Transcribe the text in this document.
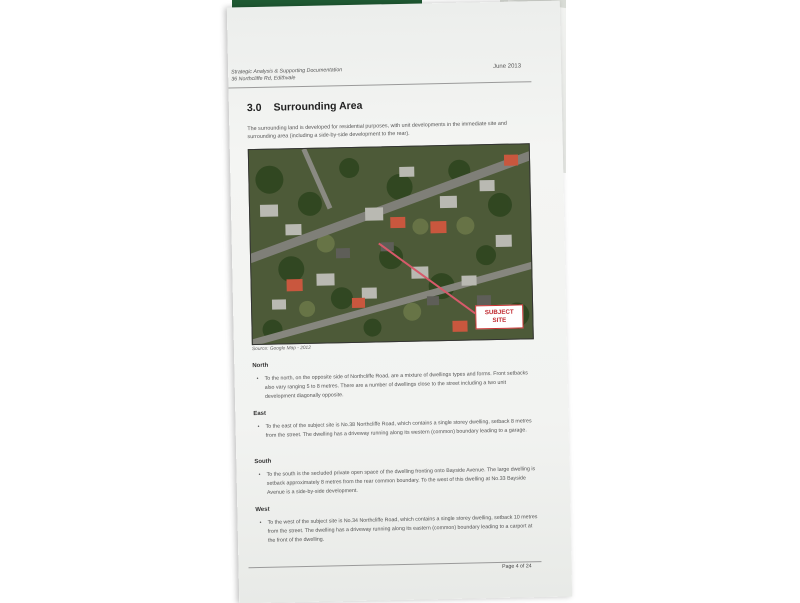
Strategic Analysis & Supporting Documentation
36 Northcliffe Rd, Edithvale
June 2013
3.0 Surrounding Area
The surrounding land is developed for residential purposes, with unit developments in the immediate site and surrounding area (including a side-by-side development to the rear).
SUBJECT
SITE
Source: Google Map - 2012
North
• To the north, on the opposite side of Northcliffe Road, are a mixture of dwellings types and forms. Front setbacks also vary ranging 5 to 8 metres. There are a number of dwellings close to the street including a two unit development diagonally opposite.
East
• To the east of the subject site is No.38 Northcliffe Road, which contains a single storey dwelling, setback 8 metres from the street. The dwelling has a driveway running along its western (common) boundary leading to a garage.
South
• To the south is the secluded private open space of the dwelling fronting onto Bayside Avenue. The large dwelling is setback approximately 8 metres from the rear common boundary. To the west of this dwelling at No.33 Bayside Avenue is a side-by-side development.
West
• To the west of the subject site is No.34 Northcliffe Road, which contains a single storey dwelling, setback 10 metres from the street. The dwelling has a driveway running along its eastern (common) boundary leading to a carport at the front of the dwelling.
Page 4 of 24
